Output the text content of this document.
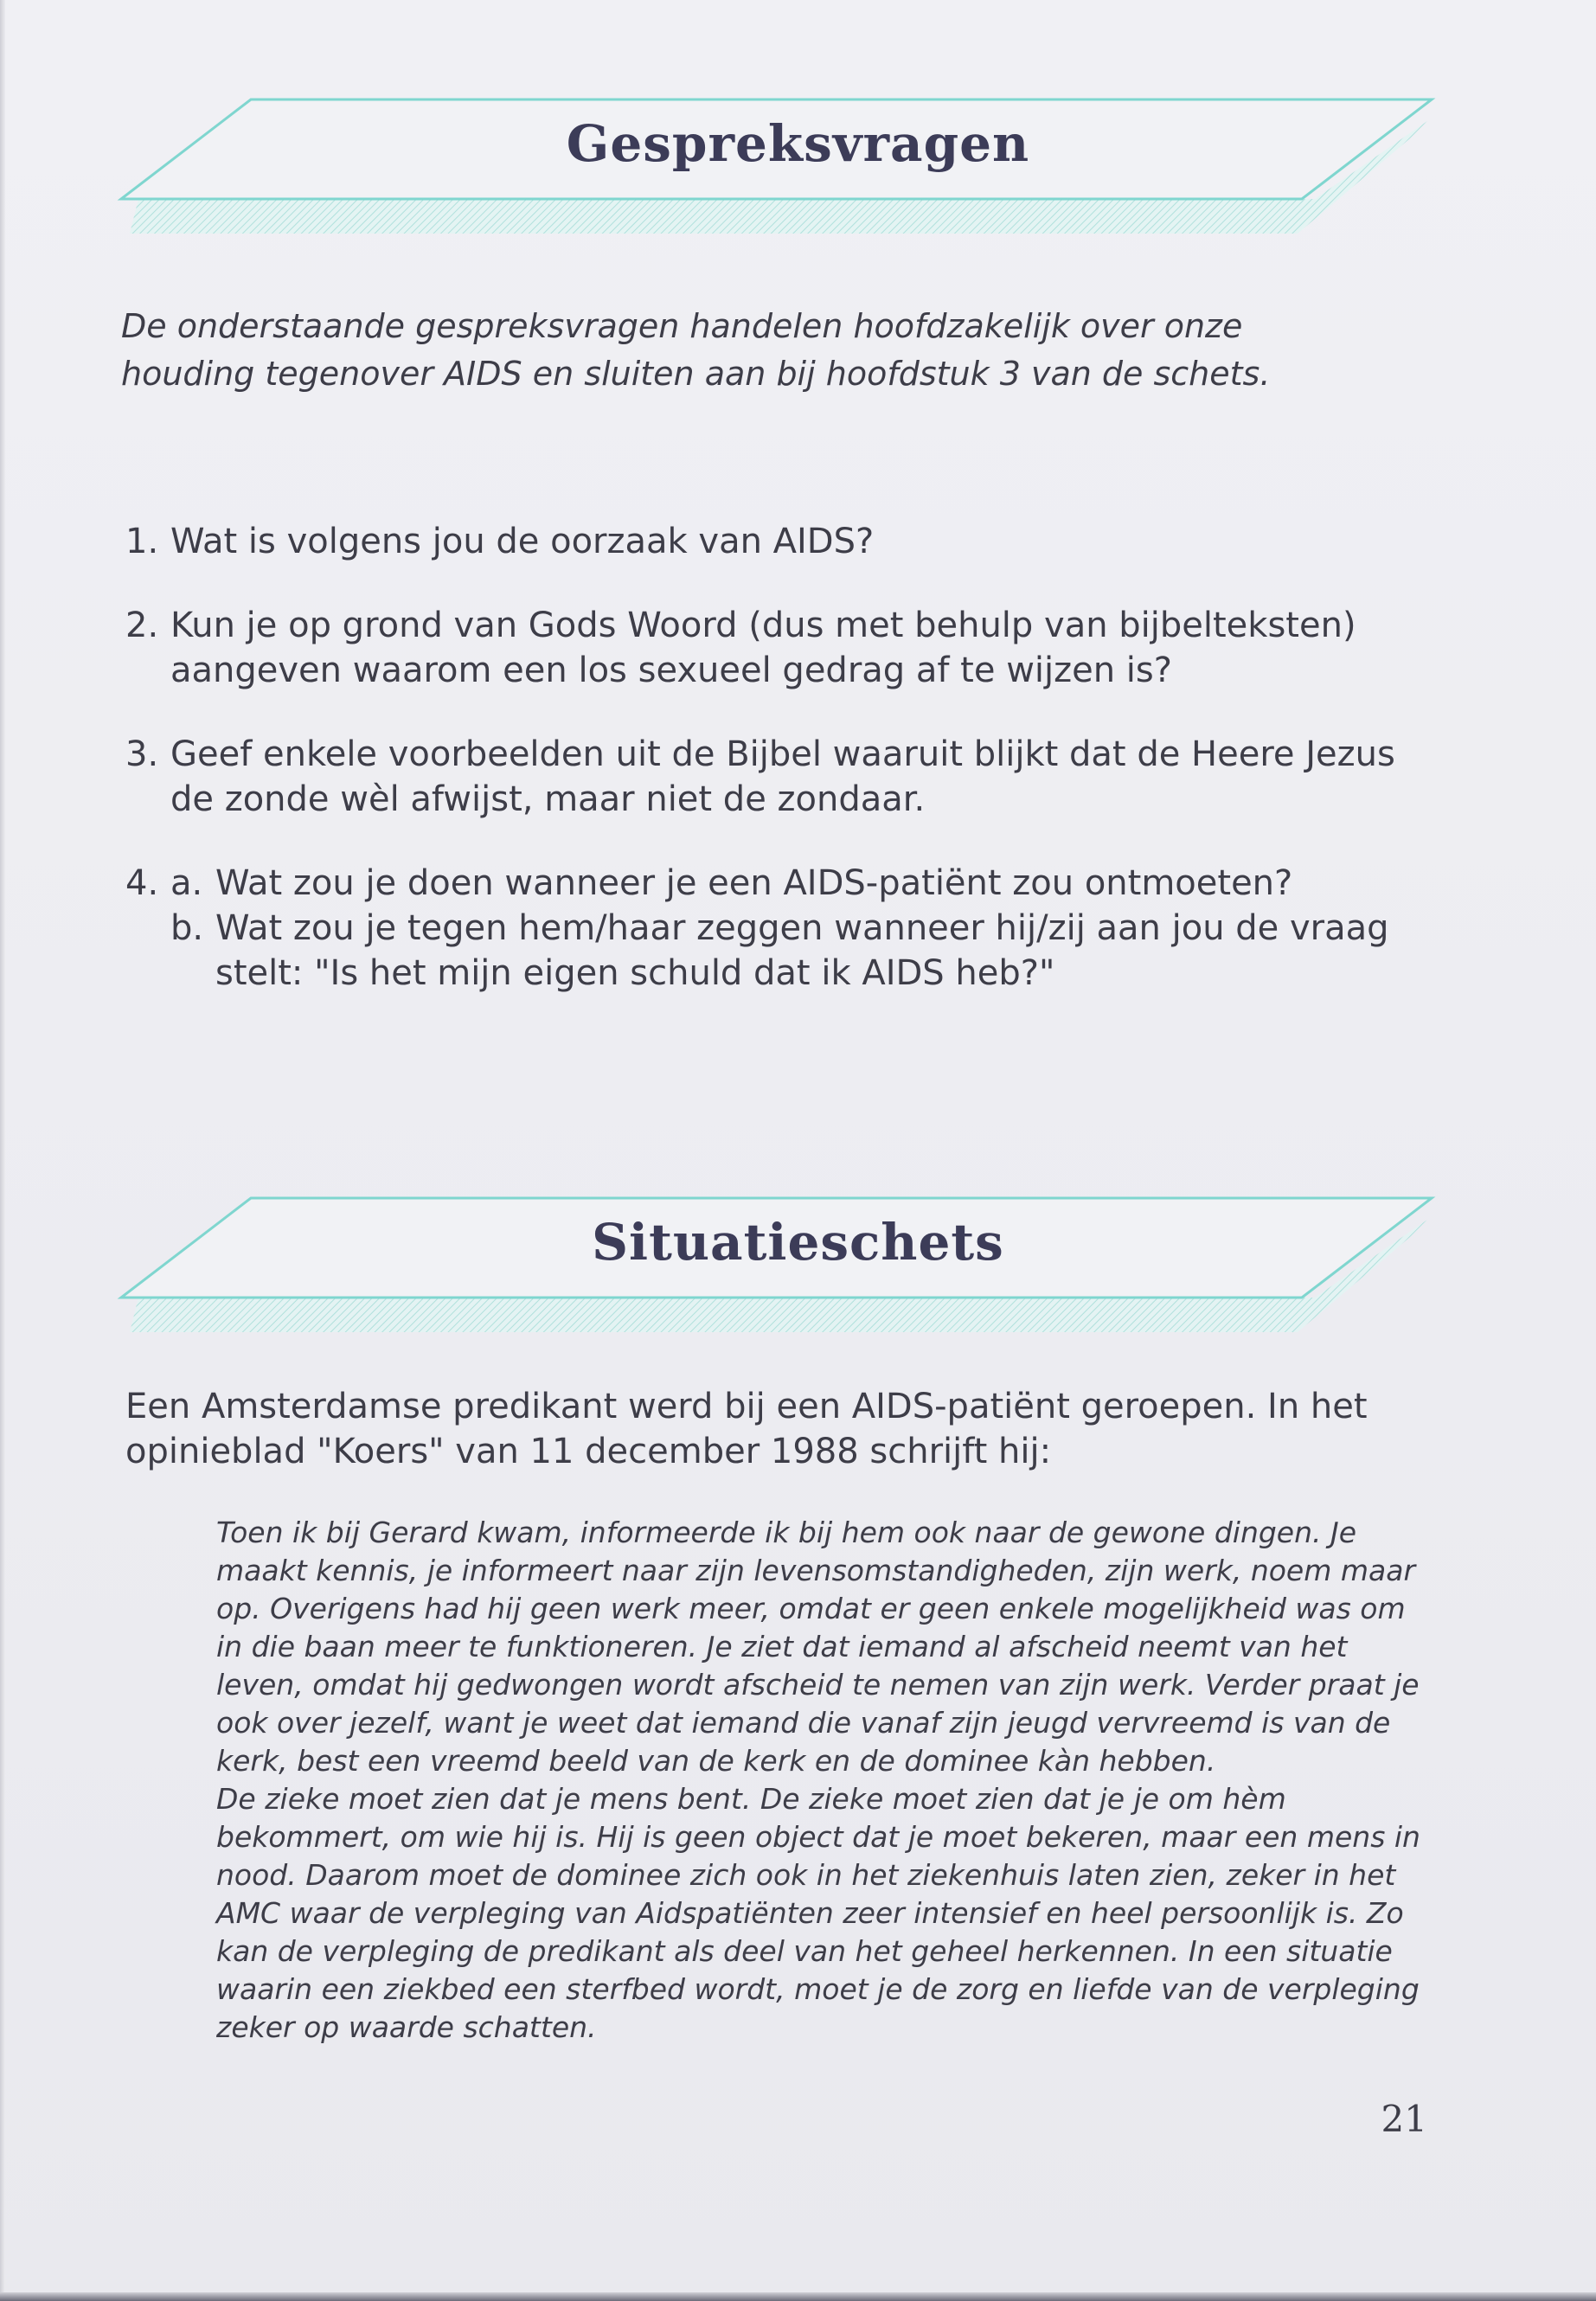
Gespreksvragen
De onderstaande gespreksvragen handelen hoofdzakelijk over onze houding tegenover AIDS en sluiten aan bij hoofdstuk 3 van de schets.
1. Wat is volgens jou de oorzaak van AIDS?
2. Kun je op grond van Gods Woord (dus met behulp van bijbelteksten) aangeven waarom een los sexueel gedrag af te wijzen is?
3. Geef enkele voorbeelden uit de Bijbel waaruit blijkt dat de Heere Jezus de zonde wèl afwijst, maar niet de zondaar.
4. a. Wat zou je doen wanneer je een AIDS-patiënt zou ontmoeten?
b. Wat zou je tegen hem/haar zeggen wanneer hij/zij aan jou de vraag stelt: "Is het mijn eigen schuld dat ik AIDS heb?"
Situatieschets
Een Amsterdamse predikant werd bij een AIDS-patiënt geroepen. In het opinieblad "Koers" van 11 december 1988 schrijft hij:

Toen ik bij Gerard kwam, informeerde ik bij hem ook naar de gewone dingen. Je maakt kennis, je informeert naar zijn levensomstandigheden, zijn werk, noem maar op. Overigens had hij geen werk meer, omdat er geen enkele mogelijkheid was om in die baan meer te funktioneren. Je ziet dat iemand al afscheid neemt van het leven, omdat hij gedwongen wordt afscheid te nemen van zijn werk. Verder praat je ook over jezelf, want je weet dat iemand die vanaf zijn jeugd vervreemd is van de kerk, best een vreemd beeld van de kerk en de dominee kàn hebben.

De zieke moet zien dat je mens bent. De zieke moet zien dat je je om hèm bekommert, om wie hij is. Hij is geen object dat je moet bekeren, maar een mens in nood. Daarom moet de dominee zich ook in het ziekenhuis laten zien, zeker in het AMC waar de verpleging van Aidspatiënten zeer intensief en heel persoonlijk is. Zo kan de verpleging de predikant als deel van het geheel herkennen. In een situatie waarin een ziekbed een sterfbed wordt, moet je de zorg en liefde van de verpleging zeker op waarde schatten.

21
